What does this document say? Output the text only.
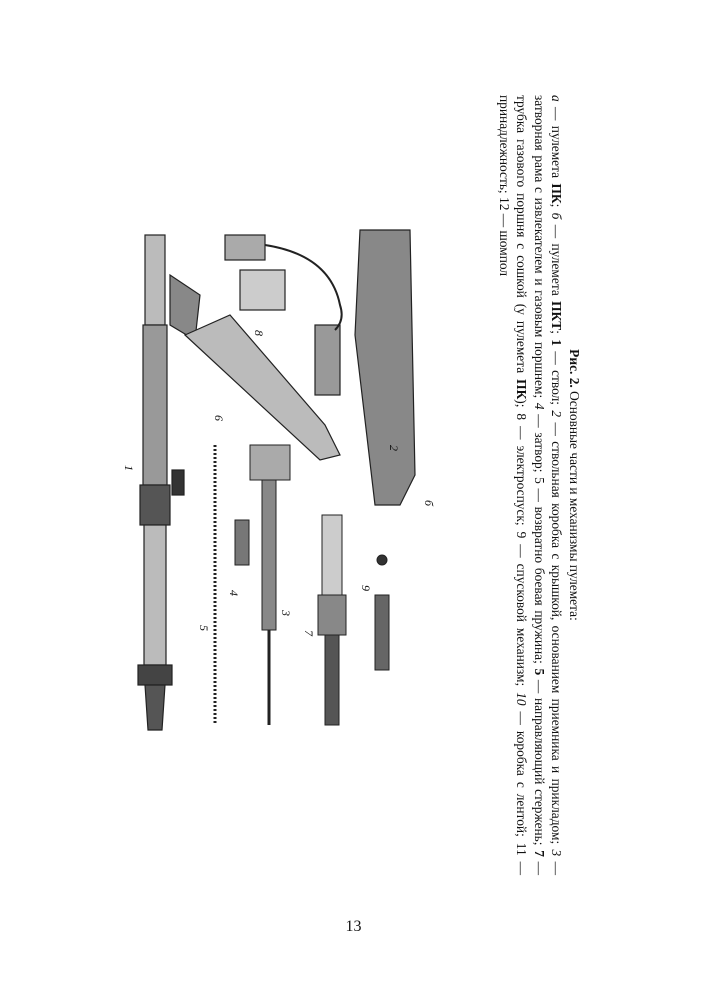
1
5
6
4
3
7
9
2
8
б
Рис. 2. Основные части и механизмы пулемета:
а — пулемета ПК; б — пулемета ПКТ; 1 — ствол; 2 — ствольная коробка с крышкой, основанием приемника и прикладом; 3 — затворная рама с извлекателем и газовым поршнем; 4 — затвор; 5 — возвратно боевая пружина; 5 — направляющий стержень; 7 — трубка газового поршня с сошкой (у пулемета ПК); 8 — электроспуск; 9 — спусковой механизм; 10 — коробка с лентой; 11 — принадлежность; 12 — шомпол
13
